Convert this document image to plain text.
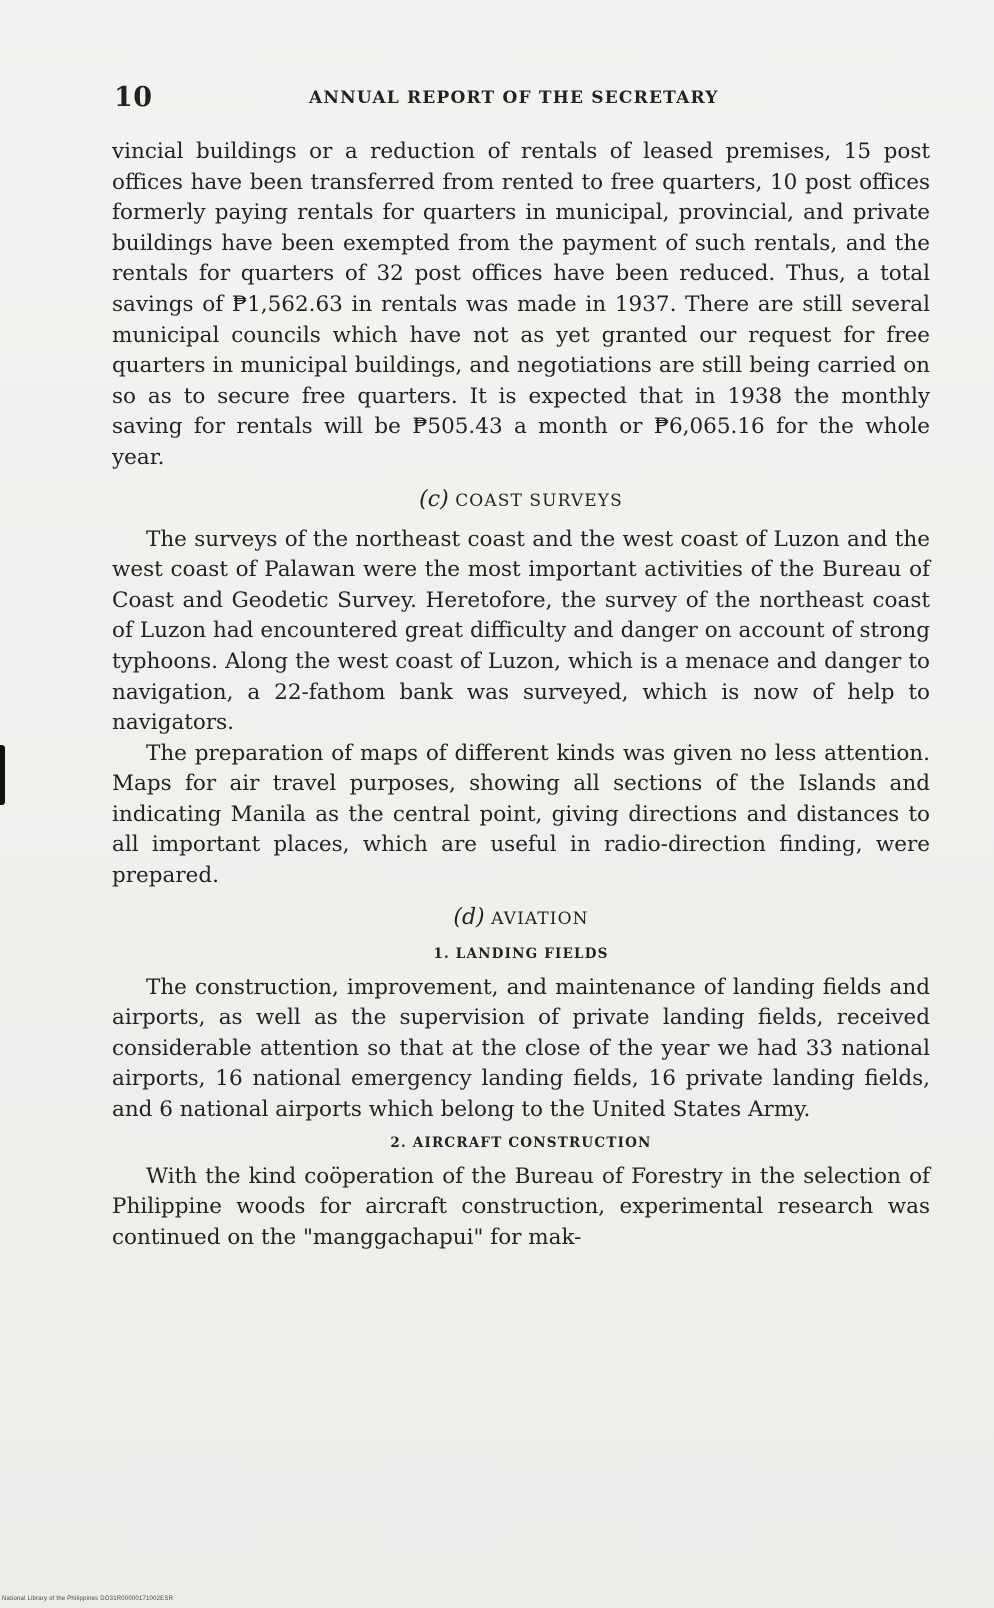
10	ANNUAL REPORT OF THE SECRETARY

vincial buildings or a reduction of rentals of leased premises, 15 post offices have been transferred from rented to free quarters, 10 post offices formerly paying rentals for quarters in municipal, provincial, and private buildings have been exempted from the payment of such rentals, and the rentals for quarters of 32 post offices have been reduced. Thus, a total savings of ₱1,562.63 in rentals was made in 1937. There are still several municipal councils which have not as yet granted our request for free quarters in municipal buildings, and negotiations are still being carried on so as to secure free quarters. It is expected that in 1938 the monthly saving for rentals will be ₱505.43 a month or ₱6,065.16 for the whole year.

(c) COAST SURVEYS

The surveys of the northeast coast and the west coast of Luzon and the west coast of Palawan were the most important activities of the Bureau of Coast and Geodetic Survey. Heretofore, the survey of the northeast coast of Luzon had encountered great difficulty and danger on account of strong typhoons. Along the west coast of Luzon, which is a menace and danger to navigation, a 22-fathom bank was surveyed, which is now of help to navigators.

The preparation of maps of different kinds was given no less attention. Maps for air travel purposes, showing all sections of the Islands and indicating Manila as the central point, giving directions and distances to all important places, which are useful in radio-direction finding, were prepared.

(d) AVIATION
1. LANDING FIELDS

The construction, improvement, and maintenance of landing fields and airports, as well as the supervision of private landing fields, received considerable attention so that at the close of the year we had 33 national airports, 16 national emergency landing fields, 16 private landing fields, and 6 national airports which belong to the United States Army.

2. AIRCRAFT CONSTRUCTION

With the kind coöperation of the Bureau of Forestry in the selection of Philippine woods for aircraft construction, experimental research was continued on the "manggachapui" for mak-

National Library of the Philippines DO31R00000171002ESR
